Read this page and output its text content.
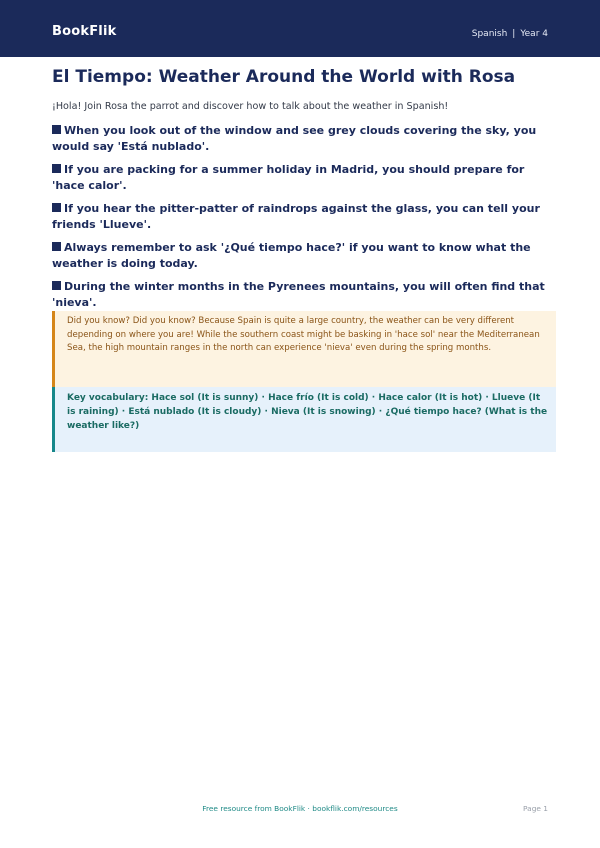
BookFlik	Spanish | Year 4
El Tiempo: Weather Around the World with Rosa

¡Hola! Join Rosa the parrot and discover how to talk about the weather in Spanish!

When you look out of the window and see grey clouds covering the sky, you would say 'Está nublado'.
If you are packing for a summer holiday in Madrid, you should prepare for 'hace calor'.
If you hear the pitter-patter of raindrops against the glass, you can tell your friends 'Llueve'.
Always remember to ask '¿Qué tiempo hace?' if you want to know what the weather is doing today.
During the winter months in the Pyrenees mountains, you will often find that 'nieva'.
Did you know? Did you know? Because Spain is quite a large country, the weather can be very different depending on where you are! While the southern coast might be basking in 'hace sol' near the Mediterranean Sea, the high mountain ranges in the north can experience 'nieva' even during the spring months.
Key vocabulary: Hace sol (It is sunny) · Hace frío (It is cold) · Hace calor (It is hot) · Llueve (It is raining) · Está nublado (It is cloudy) · Nieva (It is snowing) · ¿Qué tiempo hace? (What is the weather like?)
Free resource from BookFlik · bookflik.com/resources	Page 1
